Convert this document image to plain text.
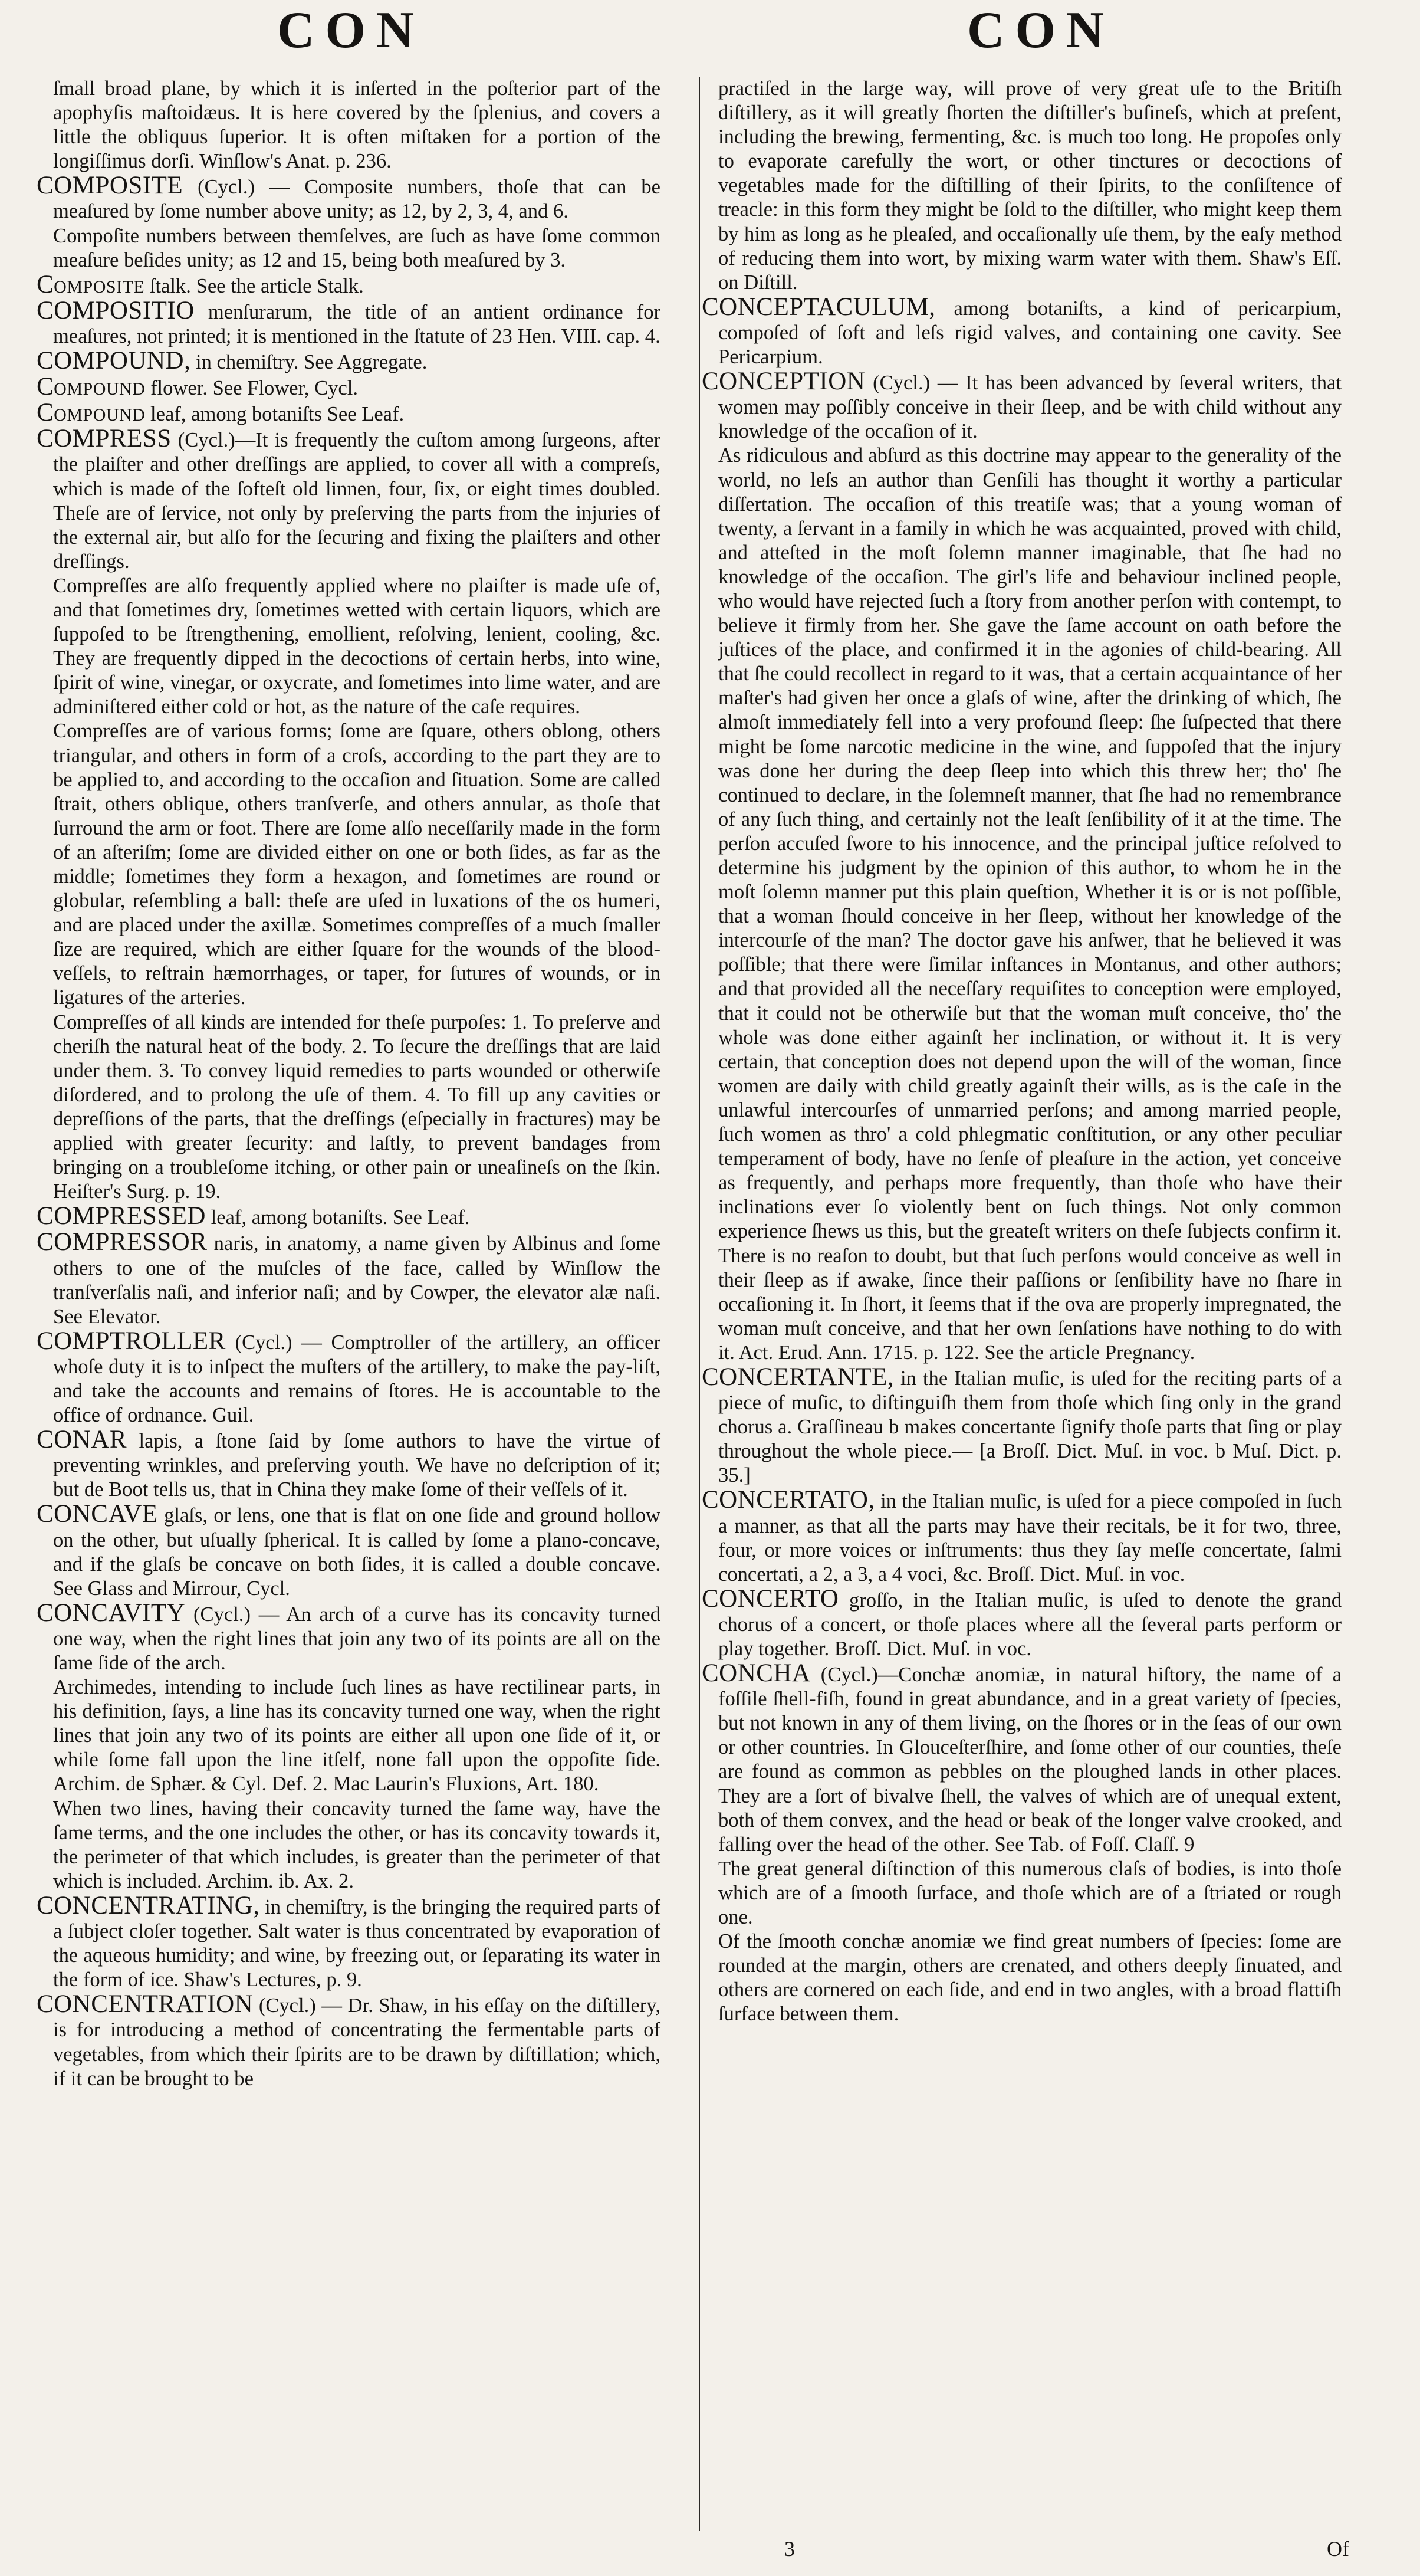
CON	CON

ſmall broad plane, by which it is inſerted in the poſterior part of the apophyſis maſtoidæus. It is here covered by the ſplenius, and covers a little the obliquus ſuperior. It is often miſtaken for a portion of the longiſſimus dorſi. Winſlow's Anat. p. 236.

COMPOSITE (Cycl.) — Composite numbers, thoſe that can be meaſured by ſome number above unity; as 12, by 2, 3, 4, and 6.

Compoſite numbers between themſelves, are ſuch as have ſome common meaſure beſides unity; as 12 and 15, being both meaſured by 3.

Composite ſtalk. See the article Stalk.

COMPOSITIO menſurarum, the title of an antient ordinance for meaſures, not printed; it is mentioned in the ſtatute of 23 Hen. VIII. cap. 4.

COMPOUND, in chemiſtry. See Aggregate.

Compound flower. See Flower, Cycl.

Compound leaf, among botaniſts See Leaf.

COMPRESS (Cycl.)—It is frequently the cuſtom among ſurgeons, after the plaiſter and other dreſſings are applied, to cover all with a compreſs, which is made of the ſofteſt old linnen, four, ſix, or eight times doubled. Theſe are of ſervice, not only by preſerving the parts from the injuries of the external air, but alſo for the ſecuring and fixing the plaiſters and other dreſſings.

Compreſſes are alſo frequently applied where no plaiſter is made uſe of, and that ſometimes dry, ſometimes wetted with certain liquors, which are ſuppoſed to be ſtrengthening, emollient, reſolving, lenient, cooling, &c. They are frequently dipped in the decoctions of certain herbs, into wine, ſpirit of wine, vinegar, or oxycrate, and ſometimes into lime water, and are adminiſtered either cold or hot, as the nature of the caſe requires.

Compreſſes are of various forms; ſome are ſquare, others oblong, others triangular, and others in form of a croſs, according to the part they are to be applied to, and according to the occaſion and ſituation. Some are called ſtrait, others oblique, others tranſverſe, and others annular, as thoſe that ſurround the arm or foot. There are ſome alſo neceſſarily made in the form of an aſteriſm; ſome are divided either on one or both ſides, as far as the middle; ſometimes they form a hexagon, and ſometimes are round or globular, reſembling a ball: theſe are uſed in luxations of the os humeri, and are placed under the axillæ. Sometimes compreſſes of a much ſmaller ſize are required, which are either ſquare for the wounds of the blood-veſſels, to reſtrain hæmorrhages, or taper, for ſutures of wounds, or in ligatures of the arteries.

Compreſſes of all kinds are intended for theſe purpoſes: 1. To preſerve and cheriſh the natural heat of the body. 2. To ſecure the dreſſings that are laid under them. 3. To convey liquid remedies to parts wounded or otherwiſe diſordered, and to prolong the uſe of them. 4. To fill up any cavities or depreſſions of the parts, that the dreſſings (eſpecially in fractures) may be applied with greater ſecurity: and laſtly, to prevent bandages from bringing on a troubleſome itching, or other pain or uneaſineſs on the ſkin. Heiſter's Surg. p. 19.

COMPRESSED leaf, among botaniſts. See Leaf.

COMPRESSOR naris, in anatomy, a name given by Albinus and ſome others to one of the muſcles of the face, called by Winſlow the tranſverſalis naſi, and inferior naſi; and by Cowper, the elevator alæ naſi. See Elevator.

COMPTROLLER (Cycl.) — Comptroller of the artillery, an officer whoſe duty it is to inſpect the muſters of the artillery, to make the pay-liſt, and take the accounts and remains of ſtores. He is accountable to the office of ordnance. Guil.

CONAR lapis, a ſtone ſaid by ſome authors to have the virtue of preventing wrinkles, and preſerving youth. We have no deſcription of it; but de Boot tells us, that in China they make ſome of their veſſels of it.

CONCAVE glaſs, or lens, one that is flat on one ſide and ground hollow on the other, but uſually ſpherical. It is called by ſome a plano-concave, and if the glaſs be concave on both ſides, it is called a double concave. See Glass and Mirrour, Cycl.

CONCAVITY (Cycl.) — An arch of a curve has its concavity turned one way, when the right lines that join any two of its points are all on the ſame ſide of the arch.

Archimedes, intending to include ſuch lines as have rectilinear parts, in his definition, ſays, a line has its concavity turned one way, when the right lines that join any two of its points are either all upon one ſide of it, or while ſome fall upon the line itſelf, none fall upon the oppoſite ſide. Archim. de Sphær. & Cyl. Def. 2. Mac Laurin's Fluxions, Art. 180.

When two lines, having their concavity turned the ſame way, have the ſame terms, and the one includes the other, or has its concavity towards it, the perimeter of that which includes, is greater than the perimeter of that which is included. Archim. ib. Ax. 2.

CONCENTRATING, in chemiſtry, is the bringing the required parts of a ſubject cloſer together. Salt water is thus concentrated by evaporation of the aqueous humidity; and wine, by freezing out, or ſeparating its water in the form of ice. Shaw's Lectures, p. 9.

CONCENTRATION (Cycl.) — Dr. Shaw, in his eſſay on the diſtillery, is for introducing a method of concentrating the fermentable parts of vegetables, from which their ſpirits are to be drawn by diſtillation; which, if it can be brought to be

practiſed in the large way, will prove of very great uſe to the Britiſh diſtillery, as it will greatly ſhorten the diſtiller's buſineſs, which at preſent, including the brewing, fermenting, &c. is much too long. He propoſes only to evaporate carefully the wort, or other tinctures or decoctions of vegetables made for the diſtilling of their ſpirits, to the conſiſtence of treacle: in this form they might be ſold to the diſtiller, who might keep them by him as long as he pleaſed, and occaſionally uſe them, by the eaſy method of reducing them into wort, by mixing warm water with them. Shaw's Eſſ. on Diſtill.

CONCEPTACULUM, among botaniſts, a kind of pericarpium, compoſed of ſoft and leſs rigid valves, and containing one cavity. See Pericarpium.

CONCEPTION (Cycl.) — It has been advanced by ſeveral writers, that women may poſſibly conceive in their ſleep, and be with child without any knowledge of the occaſion of it.

As ridiculous and abſurd as this doctrine may appear to the generality of the world, no leſs an author than Genſili has thought it worthy a particular diſſertation. The occaſion of this treatiſe was; that a young woman of twenty, a ſervant in a family in which he was acquainted, proved with child, and atteſted in the moſt ſolemn manner imaginable, that ſhe had no knowledge of the occaſion. The girl's life and behaviour inclined people, who would have rejected ſuch a ſtory from another perſon with contempt, to believe it firmly from her. She gave the ſame account on oath before the juſtices of the place, and confirmed it in the agonies of child-bearing. All that ſhe could recollect in regard to it was, that a certain acquaintance of her maſter's had given her once a glaſs of wine, after the drinking of which, ſhe almoſt immediately fell into a very profound ſleep: ſhe ſuſpected that there might be ſome narcotic medicine in the wine, and ſuppoſed that the injury was done her during the deep ſleep into which this threw her; tho' ſhe continued to declare, in the ſolemneſt manner, that ſhe had no remembrance of any ſuch thing, and certainly not the leaſt ſenſibility of it at the time. The perſon accuſed ſwore to his innocence, and the principal juſtice reſolved to determine his judgment by the opinion of this author, to whom he in the moſt ſolemn manner put this plain queſtion, Whether it is or is not poſſible, that a woman ſhould conceive in her ſleep, without her knowledge of the intercourſe of the man? The doctor gave his anſwer, that he believed it was poſſible; that there were ſimilar inſtances in Montanus, and other authors; and that provided all the neceſſary requiſites to conception were employed, that it could not be otherwiſe but that the woman muſt conceive, tho' the whole was done either againſt her inclination, or without it. It is very certain, that conception does not depend upon the will of the woman, ſince women are daily with child greatly againſt their wills, as is the caſe in the unlawful intercourſes of unmarried perſons; and among married people, ſuch women as thro' a cold phlegmatic conſtitution, or any other peculiar temperament of body, have no ſenſe of pleaſure in the action, yet conceive as frequently, and perhaps more frequently, than thoſe who have their inclinations ever ſo violently bent on ſuch things. Not only common experience ſhews us this, but the greateſt writers on theſe ſubjects confirm it. There is no reaſon to doubt, but that ſuch perſons would conceive as well in their ſleep as if awake, ſince their paſſions or ſenſibility have no ſhare in occaſioning it. In ſhort, it ſeems that if the ova are properly impregnated, the woman muſt conceive, and that her own ſenſations have nothing to do with it. Act. Erud. Ann. 1715. p. 122. See the article Pregnancy.

CONCERTANTE, in the Italian muſic, is uſed for the reciting parts of a piece of muſic, to diſtinguiſh them from thoſe which ſing only in the grand chorus a. Graſſineau b makes concertante ſignify thoſe parts that ſing or play throughout the whole piece.— [a Broſſ. Dict. Muſ. in voc. b Muſ. Dict. p. 35.]

CONCERTATO, in the Italian muſic, is uſed for a piece compoſed in ſuch a manner, as that all the parts may have their recitals, be it for two, three, four, or more voices or inſtruments: thus they ſay meſſe concertate, ſalmi concertati, a 2, a 3, a 4 voci, &c. Broſſ. Dict. Muſ. in voc.

CONCERTO groſſo, in the Italian muſic, is uſed to denote the grand chorus of a concert, or thoſe places where all the ſeveral parts perform or play together. Broſſ. Dict. Muſ. in voc.

CONCHA (Cycl.)—Conchæ anomiæ, in natural hiſtory, the name of a foſſile ſhell-fiſh, found in great abundance, and in a great variety of ſpecies, but not known in any of them living, on the ſhores or in the ſeas of our own or other countries. In Glouceſterſhire, and ſome other of our counties, theſe are found as common as pebbles on the ploughed lands in other places. They are a ſort of bivalve ſhell, the valves of which are of unequal extent, both of them convex, and the head or beak of the longer valve crooked, and falling over the head of the other. See Tab. of Foſſ. Claſſ. 9

The great general diſtinction of this numerous claſs of bodies, is into thoſe which are of a ſmooth ſurface, and thoſe which are of a ſtriated or rough one.

Of the ſmooth conchæ anomiæ we find great numbers of ſpecies: ſome are rounded at the margin, others are crenated, and others deeply ſinuated, and others are cornered on each ſide, and end in two angles, with a broad flattiſh ſurface between them.

3	Of
